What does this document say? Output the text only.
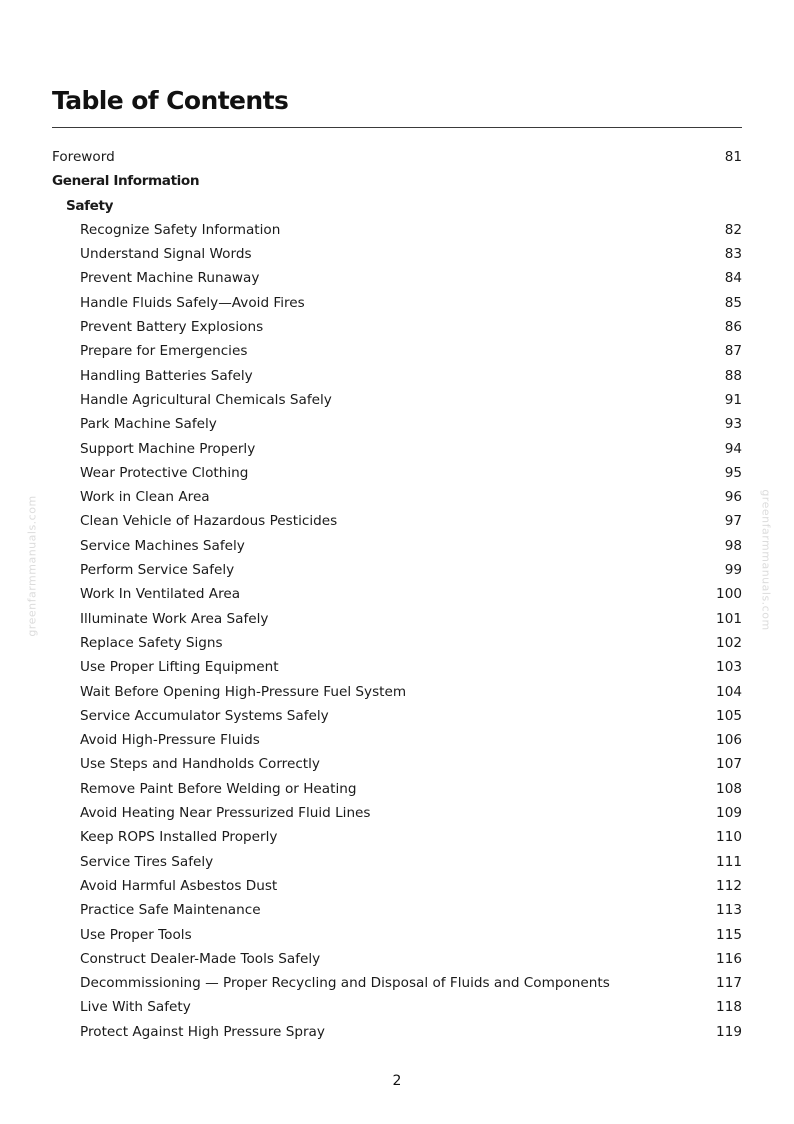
Table of Contents
Foreword	81
General Information
Safety
Recognize Safety Information	82
Understand Signal Words	83
Prevent Machine Runaway	84
Handle Fluids Safely—Avoid Fires	85
Prevent Battery Explosions	86
Prepare for Emergencies	87
Handling Batteries Safely	88
Handle Agricultural Chemicals Safely	91
Park Machine Safely	93
Support Machine Properly	94
Wear Protective Clothing	95
Work in Clean Area	96
Clean Vehicle of Hazardous Pesticides	97
Service Machines Safely	98
Perform Service Safely	99
Work In Ventilated Area	100
Illuminate Work Area Safely	101
Replace Safety Signs	102
Use Proper Lifting Equipment	103
Wait Before Opening High-Pressure Fuel System	104
Service Accumulator Systems Safely	105
Avoid High-Pressure Fluids	106
Use Steps and Handholds Correctly	107
Remove Paint Before Welding or Heating	108
Avoid Heating Near Pressurized Fluid Lines	109
Keep ROPS Installed Properly	110
Service Tires Safely	111
Avoid Harmful Asbestos Dust	112
Practice Safe Maintenance	113
Use Proper Tools	115
Construct Dealer-Made Tools Safely	116
Decommissioning — Proper Recycling and Disposal of Fluids and Components	117
Live With Safety	118
Protect Against High Pressure Spray	119
greenfarmmanuals.com	greenfarmmanuals.com
2
